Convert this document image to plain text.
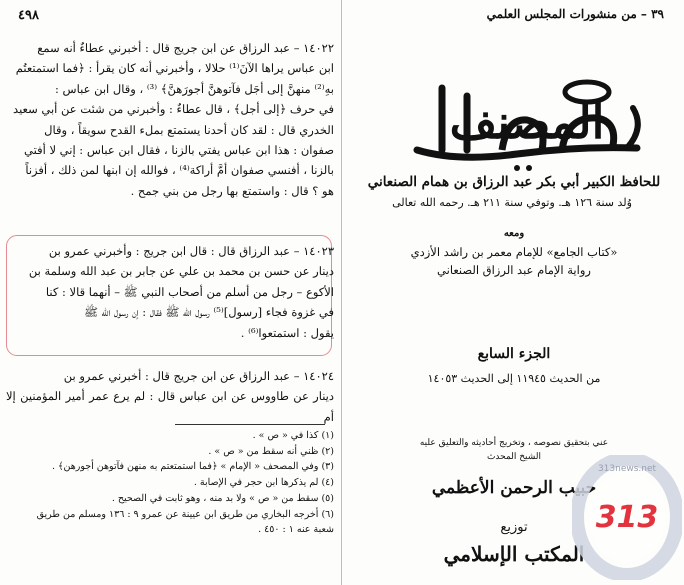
٤٩٨

١٤٠٢٢ – عبد الرزاق عن ابن جريج قال : أخبرني عطاءٌ أنه سمع

ابن عباس يراها الآنَ⁽¹⁾ حلالا ، وأخبرني أنه كان يقرأ : ﴿فما استمتعتُم

بهِ⁽²⁾ منهنَّ إلى أجَل فآتوهنَّ أجورَهنَّ﴾ ⁽³⁾ ، وقال ابن عباس :

في حرف ﴿إلى أجل﴾ ، قال عطاءٌ : وأخبرني من شئت عن أبي سعيد

الخدري قال : لقد كان أحدنا يستمتع بملء القدح سويقاً ، وقال

صفوان : هذا ابن عباس يفتي بالزنا ، فقال ابن عباس : إني لا أفتي

بالزنا ، أفنسي صفوان أمَّ أراكة⁽⁴⁾ ، فوالله إن ابنها لمن ذلك ، أفزناً

هو ؟ قال : واستمتع بها رجل من بني جمح .

١٤٠٢٣ – عبد الرزاق قال : قال ابن جريج : وأخبرني عمرو بن

دينار عن حسن بن محمد بن علي عن جابر بن عبد الله وسلمة بن

الأكوع – رجل من أسلم من أصحاب النبي ﷺ – أنهما قالا : كنا

في غزوة فجاء [رسول]⁽⁵⁾ رسول الله ﷺ فقال : إن رسول الله ﷺ

يقول : استمتعوا⁽⁶⁾ .

١٤٠٢٤ – عبد الرزاق عن ابن جريج قال : أخبرني عمرو بن

دينار عن طاووس عن ابن عباس قال : لم يرع عمر أمير المؤمنين إلا أم

(١) كذا في « ص » .
(٢) ظني أنه سقط من « ص » .
(٣) وفي المصحف « الإمام » ﴿فما استمتعتم به منهن فآتوهن أجورهن﴾ .
(٤) لم يذكرها ابن حجر في الإصابة .
(٥) سقط من « ص » ولا بد منه ، وهو ثابت في الصحيح .
(٦) أخرجه البخاري من طريق ابن عيينة عن عمرو ٩ : ١٣٦ ومسلم من طريق
شعبة عنه ١ : ٤٥٠ .
٣٩ – من منشورات المجلس العلمي
المصنف
للحافظ الكبير أبي بكر عبد الرزاق بن همام الصنعاني
وُلد سنة ١٢٦ هـ. وتوفي سنة ٢١١ هـ. رحمه الله تعالى
ومعه
«كتاب الجامع» للإمام معمر بن راشد الأزدي
رواية الإمام عبد الرزاق الصنعاني
الجزء السابع
من الحديث ١١٩٤٥ إلى الحديث ١٤٠٥٣
عني بتحقيق نصوصه ، وتخريج أحاديثه والتعليق عليه
الشيخ المحدث
حبيب الرحمن الأعظمي
توزيع
المكتب الإسلامي
313
313news.net
